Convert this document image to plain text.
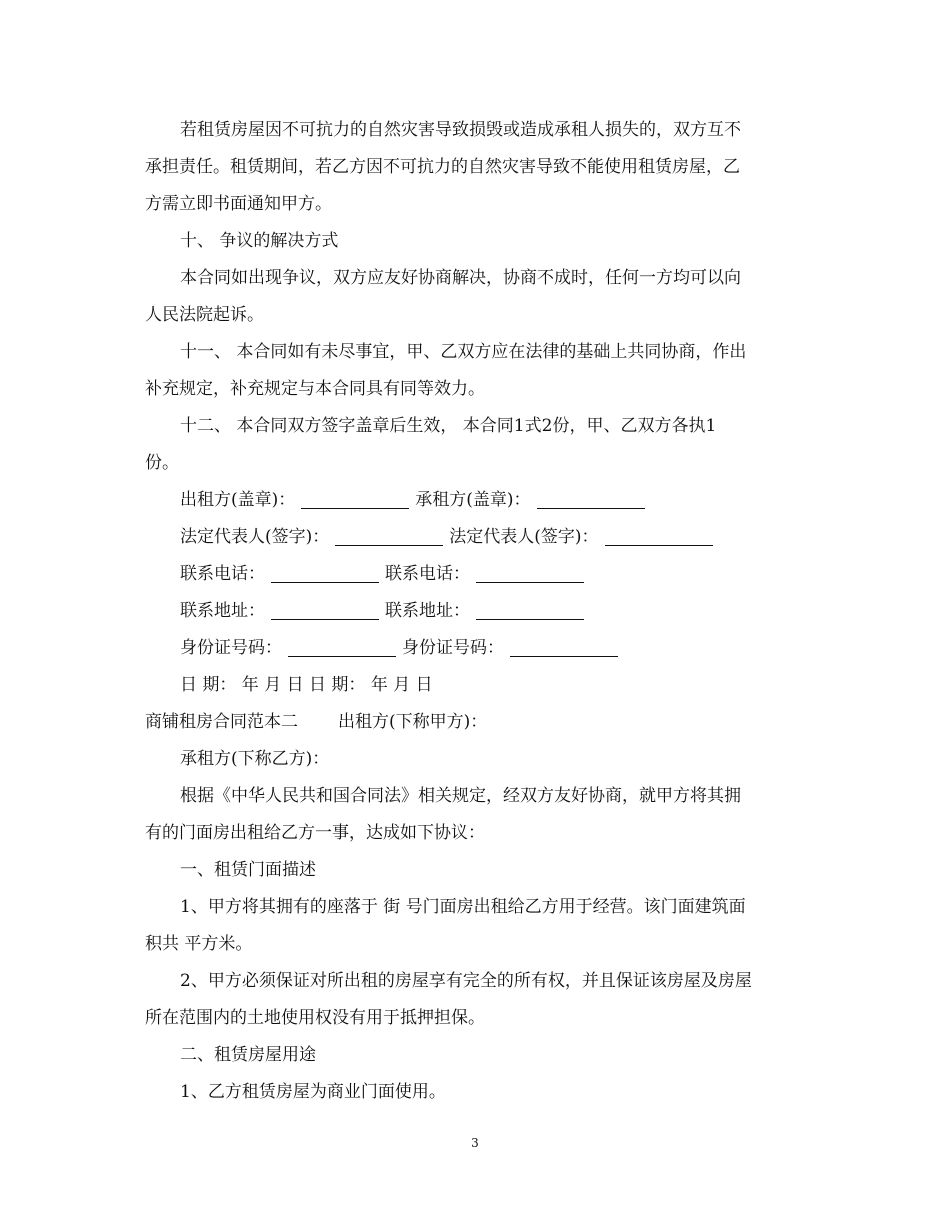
若租赁房屋因不可抗力的自然灾害导致损毁或造成承租人损失的，双方互不
承担责任。租赁期间，若乙方因不可抗力的自然灾害导致不能使用租赁房屋，乙
方需立即书面通知甲方。
十、 争议的解决方式
本合同如出现争议，双方应友好协商解决，协商不成时，任何一方均可以向
人民法院起诉。
十一、 本合同如有未尽事宜，甲、乙双方应在法律的基础上共同协商，作出
补充规定，补充规定与本合同具有同等效力。
十二、 本合同双方签字盖章后生效， 本合同1式2份，甲、乙双方各执1
份。
出租方(盖章)：	承租方(盖章)：
法定代表人(签字)：	法定代表人(签字)：
联系电话：	联系电话：
联系地址：	联系地址：
身份证号码：	身份证号码：
日 期： 年 月 日 日 期： 年 月 日
商铺租房合同范本二 出租方(下称甲方)：
承租方(下称乙方)：
根据《中华人民共和国合同法》相关规定，经双方友好协商，就甲方将其拥
有的门面房出租给乙方一事，达成如下协议：
一、租赁门面描述
1、甲方将其拥有的座落于 街 号门面房出租给乙方用于经营。该门面建筑面
积共 平方米。
2、甲方必须保证对所出租的房屋享有完全的所有权，并且保证该房屋及房屋
所在范围内的土地使用权没有用于抵押担保。
二、租赁房屋用途
1、乙方租赁房屋为商业门面使用。
3
